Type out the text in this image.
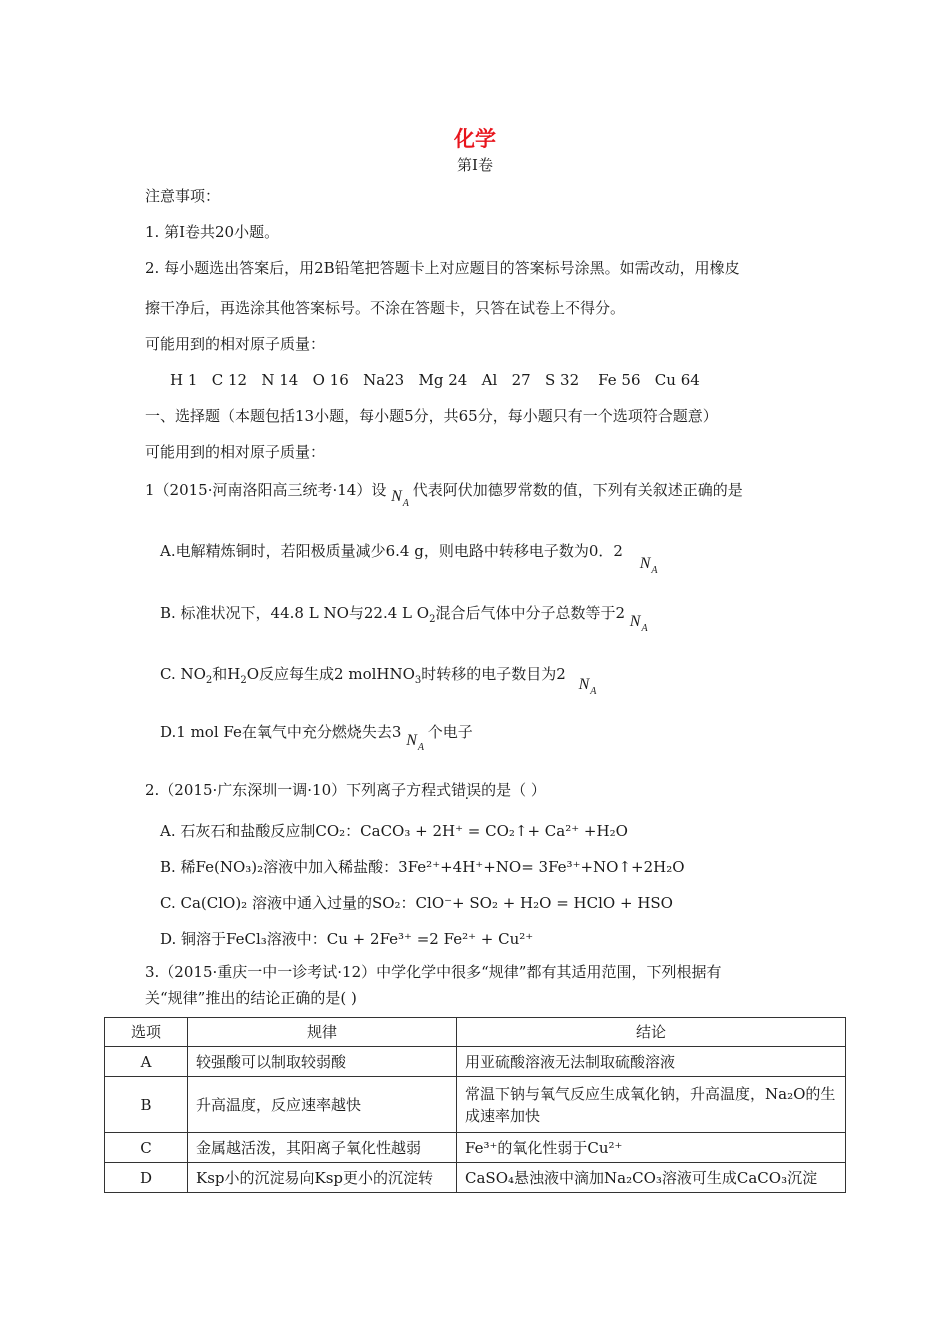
化学
第Ⅰ卷
注意事项：
1. 第Ⅰ卷共20小题。
2. 每小题选出答案后，用2B铅笔把答题卡上对应题目的答案标号涂黑。如需改动，用橡皮
擦干净后，再选涂其他答案标号。不涂在答题卡，只答在试卷上不得分。
可能用到的相对原子质量：
H 1   C 12   N 14   O 16   Na23   Mg 24   Al   27   S 32    Fe 56   Cu 64
一、选择题（本题包括13小题，每小题5分，共65分，每小题只有一个选项符合题意）
可能用到的相对原子质量：
1（2015·河南洛阳高三统考·14）设 $N_A$ 代表阿伏加德罗常数的值，下列有关叙述正确的是
A.电解精炼铜时，若阳极质量减少6.4 g，则电路中转移电子数为0．2 $N_A$
B. 标准状况下，44.8 L NO与22.4 L $O_2$混合后气体中分子总数等于2 $N_A$
C. $NO_2$和$H_2O$反应每生成2 molHNO$_3$时转移的电子数目为2 $N_A$
D.1 mol Fe在氧气中充分燃烧失去3 $N_A$ 个电子
2.（2015·广东深圳一调·10）下列离子方程式错误的是（ ）
A. 石灰石和盐酸反应制CO₂：CaCO₃ + 2H⁺ = CO₂↑+ Ca²⁺ +H₂O
B. 稀Fe(NO₃)₂溶液中加入稀盐酸：3Fe²⁺+4H⁺+NO= 3Fe³⁺+NO↑+2H₂O
C. Ca(ClO)₂ 溶液中通入过量的SO₂：ClO⁻+ SO₂ + H₂O = HClO + HSO
D. 铜溶于FeCl₃溶液中：Cu + 2Fe³⁺ =2 Fe²⁺ + Cu²⁺
3.（2015·重庆一中一诊考试·12）中学化学中很多“规律”都有其适用范围，下列根据有
关“规律”推出的结论正确的是( )
选项	规律	结论
A	较强酸可以制取较弱酸	用亚硫酸溶液无法制取硫酸溶液
B	升高温度，反应速率越快	常温下钠与氧气反应生成氧化钠，升高温度，Na₂O的生成速率加快
C	金属越活泼，其阳离子氧化性越弱	Fe³⁺的氧化性弱于Cu²⁺
D	Ksp小的沉淀易向Ksp更小的沉淀转	CaSO₄悬浊液中滴加Na₂CO₃溶液可生成CaCO₃沉淀
